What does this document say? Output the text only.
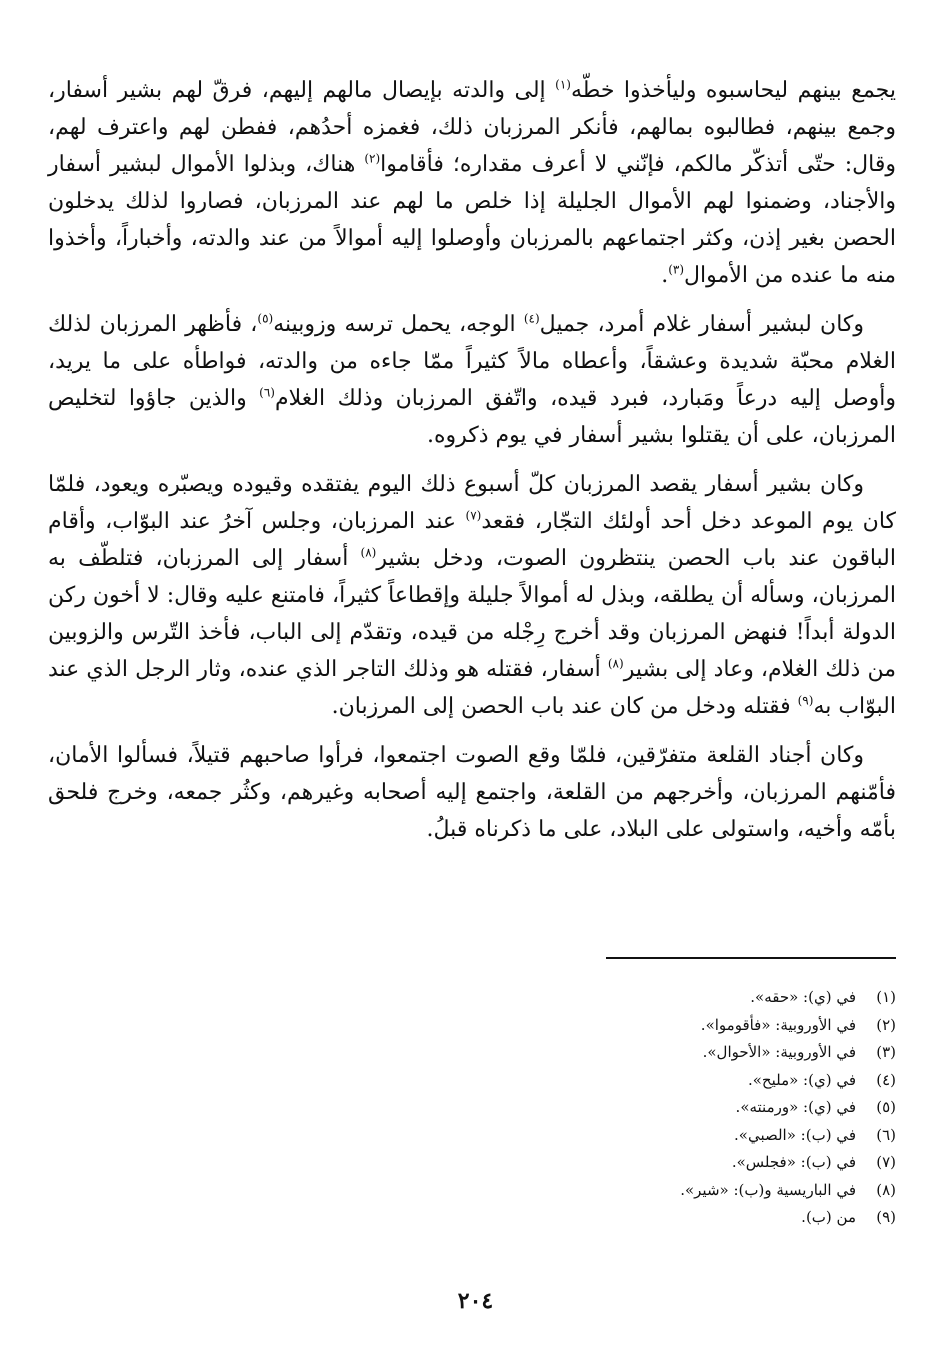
يجمع بينهم ليحاسبوه وليأخذوا خطّه$^{(١)}$ إلى والدته بإيصال مالهم إليهم، فرقّ لهم بشير أسفار، وجمع بينهم، فطالبوه بمالهم، فأنكر المرزبان ذلك، فغمزه أحدُهم، ففطن لهم واعترف لهم، وقال: حتّى أتذكّر مالكم، فإنّني لا أعرف مقداره؛ فأقاموا$^{(٢)}$ هناك، وبذلوا الأموال لبشير أسفار والأجناد، وضمنوا لهم الأموال الجليلة إذا خلص ما لهم عند المرزبان، فصاروا لذلك يدخلون الحصن بغير إذن، وكثر اجتماعهم بالمرزبان وأوصلوا إليه أموالاً من عند والدته، وأخباراً، وأخذوا منه ما عنده من الأموال$^{(٣)}$.

وكان لبشير أسفار غلام أمرد، جميل$^{(٤)}$ الوجه، يحمل ترسه وزوبينه$^{(٥)}$، فأظهر المرزبان لذلك الغلام محبّة شديدة وعشقاً، وأعطاه مالاً كثيراً ممّا جاءه من والدته، فواطأه على ما يريد، وأوصل إليه درعاً ومَبارد، فبرد قيده، واتّفق المرزبان وذلك الغلام$^{(٦)}$ والذين جاؤوا لتخليص المرزبان، على أن يقتلوا بشير أسفار في يوم ذكروه.

وكان بشير أسفار يقصد المرزبان كلّ أسبوع ذلك اليوم يفتقده وقيوده ويصبّره ويعود، فلمّا كان يوم الموعد دخل أحد أولئك التجّار، فقعد$^{(٧)}$ عند المرزبان، وجلس آخرُ عند البوّاب، وأقام الباقون عند باب الحصن ينتظرون الصوت، ودخل بشير$^{(٨)}$ أسفار إلى المرزبان، فتلطّف به المرزبان، وسأله أن يطلقه، وبذل له أموالاً جليلة وإقطاعاً كثيراً، فامتنع عليه وقال: لا أخون ركن الدولة أبداً! فنهض المرزبان وقد أخرج رِجْله من قيده، وتقدّم إلى الباب، فأخذ التّرس والزوبين من ذلك الغلام، وعاد إلى بشير$^{(٨)}$ أسفار، فقتله هو وذلك التاجر الذي عنده، وثار الرجل الذي عند البوّاب به$^{(٩)}$ فقتله ودخل من كان عند باب الحصن إلى المرزبان.

وكان أجناد القلعة متفرّقين، فلمّا وقع الصوت اجتمعوا، فرأوا صاحبهم قتيلاً، فسألوا الأمان، فأمّنهم المرزبان، وأخرجهم من القلعة، واجتمع إليه أصحابه وغيرهم، وكثُر جمعه، وخرج فلحق بأمّه وأخيه، واستولى على البلاد، على ما ذكرناه قبلُ.

(١)
في (ي): «حقه».
(٢)
في الأوروبية: «فأقوموا».
(٣)
في الأوروبية: «الأحوال».
(٤)
في (ي): «مليح».
(٥)
في (ي): «ورمنته».
(٦)
في (ب): «الصبي».
(٧)
في (ب): «فجلس».
(٨)
في الباريسية و(ب): «شير».
(٩)
من (ب).
٢٠٤
